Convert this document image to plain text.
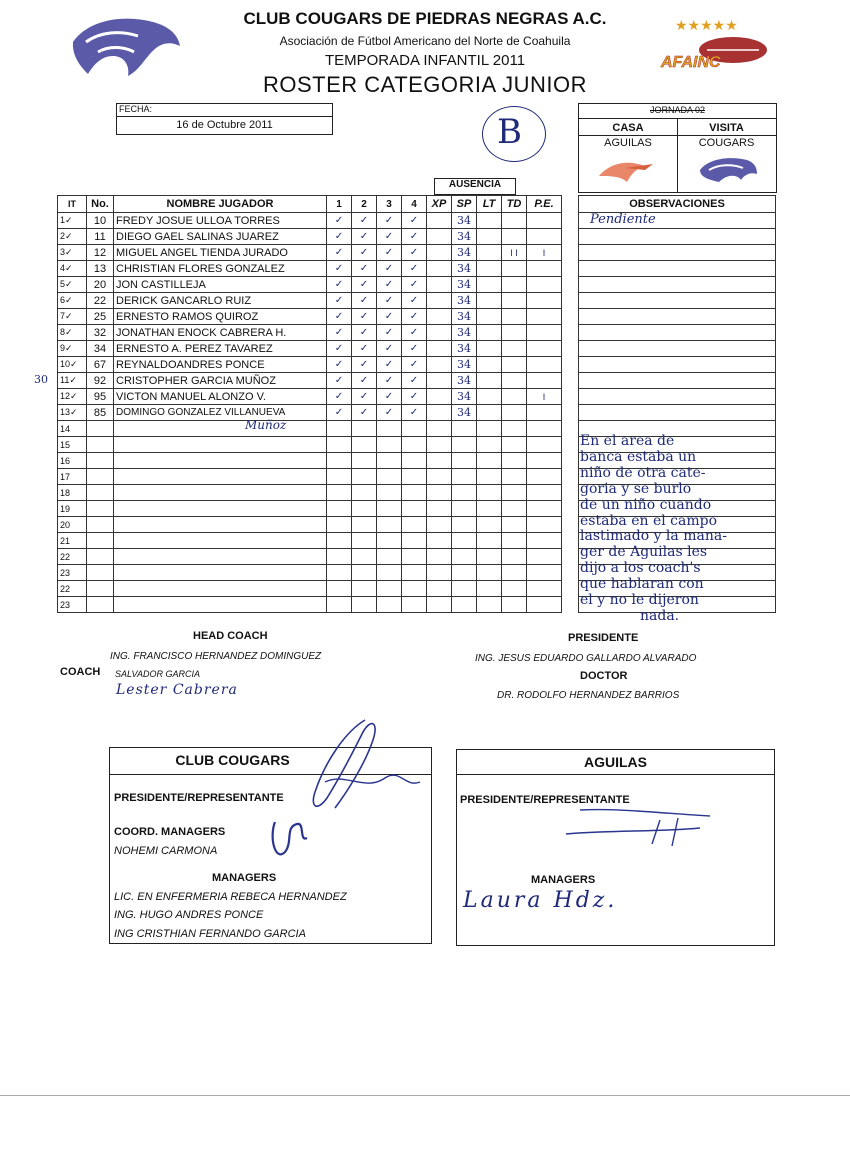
★★★★★
AFAINC
CLUB COUGARS DE PIEDRAS NEGRAS A.C.
Asociación de Fútbol Americano del Norte de Coahuila
TEMPORADA INFANTIL 2011
ROSTER CATEGORIA JUNIOR
FECHA:
16 de Octubre 2011	B
JORNADA 02
CASA	VISITA
AGUILAS	COUGARS
AUSENCIA
IT	No.	NOMBRE JUGADOR	1	2	3	4	XP	SP	LT	TD	P.E.
1✓	10	FREDY JOSUE ULLOA TORRES	✓	✓	✓	✓		34			
2✓	11	DIEGO GAEL SALINAS JUAREZ	✓	✓	✓	✓		34			
3✓	12	MIGUEL ANGEL TIENDA JURADO	✓	✓	✓	✓		34		I I	I
4✓	13	CHRISTIAN FLORES GONZALEZ	✓	✓	✓	✓		34			
5✓	20	JON CASTILLEJA	✓	✓	✓	✓		34			
6✓	22	DERICK GANCARLO RUIZ	✓	✓	✓	✓		34			
7✓	25	ERNESTO RAMOS QUIROZ	✓	✓	✓	✓		34			
8✓	32	JONATHAN ENOCK CABRERA H.	✓	✓	✓	✓		34			
9✓	34	ERNESTO A. PEREZ TAVAREZ	✓	✓	✓	✓		34			
10✓	67	REYNALDOANDRES PONCE	✓	✓	✓	✓		34			
11✓	92	CRISTOPHER GARCIA MUÑOZ	✓	✓	✓	✓		34			
12✓	95	VICTON MANUEL ALONZO V.	✓	✓	✓	✓		34			I
13✓	85	DOMINGO GONZALEZ VILLANUEVA	✓	✓	✓	✓		34			
14											
15											
16											
17											
18											
19											
20											
21											
22											
23											
22											
23											
OBSERVACIONES

30
Muñoz
Pendiente
En el area de
banca estaba un
niño de otra cate-
goria y se burlo
de un niño cuando
estaba en el campo
lastimado y la mana-
ger de Aguilas les
dijo a los coach's
que hablaran con
el y no le dijeron
nada.
HEAD COACH
ING. FRANCISCO HERNANDEZ DOMINGUEZ
COACH SALVADOR GARCIA
Lester Cabrera
PRESIDENTE
ING. JESUS EDUARDO GALLARDO ALVARADO
DOCTOR
DR. RODOLFO HERNANDEZ BARRIOS
CLUB COUGARS
PRESIDENTE/REPRESENTANTE
COORD. MANAGERS
NOHEMI CARMONA
MANAGERS
LIC. EN ENFERMERIA REBECA HERNANDEZ
ING. HUGO ANDRES PONCE
ING CRISTHIAN FERNANDO GARCIA
AGUILAS
PRESIDENTE/REPRESENTANTE
MANAGERS
Laura Hdz.
